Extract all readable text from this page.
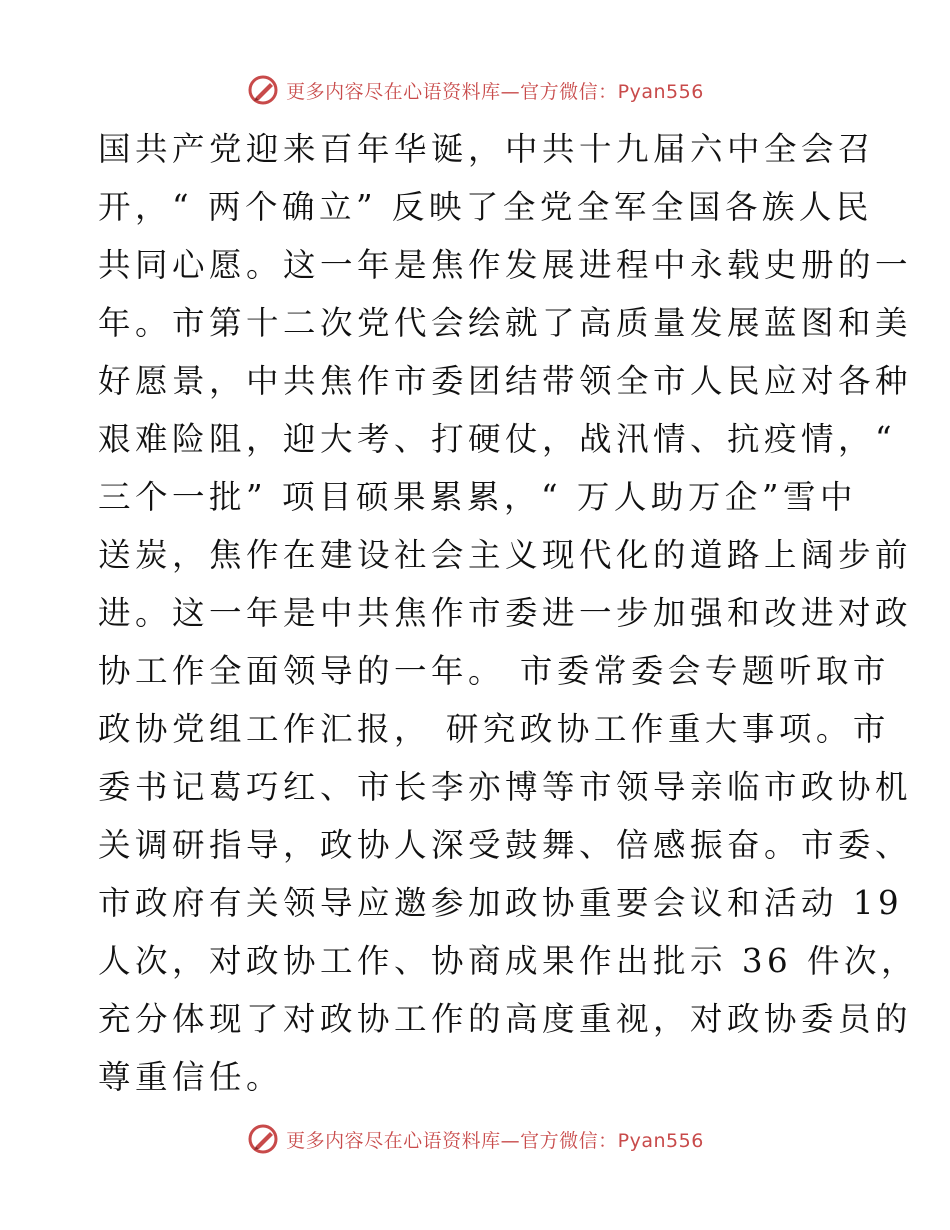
更多内容尽在心语资料库—官方微信：Pyan556
国共产党迎来百年华诞，中共十九届六中全会召
开，“ 两个确立” 反映了全党全军全国各族人民
共同心愿。这一年是焦作发展进程中永载史册的一
年。市第十二次党代会绘就了高质量发展蓝图和美
好愿景，中共焦作市委团结带领全市人民应对各种
艰难险阻，迎大考、打硬仗，战汛情、抗疫情，“
三个一批” 项目硕果累累，“ 万人助万企”雪中
送炭，焦作在建设社会主义现代化的道路上阔步前
进。这一年是中共焦作市委进一步加强和改进对政
协工作全面领导的一年。 市委常委会专题听取市
政协党组工作汇报， 研究政协工作重大事项。市
委书记葛巧红、市长李亦博等市领导亲临市政协机
关调研指导，政协人深受鼓舞、倍感振奋。市委、
市政府有关领导应邀参加政协重要会议和活动 19
人次，对政协工作、协商成果作出批示 36 件次，
充分体现了对政协工作的高度重视，对政协委员的
尊重信任。
更多内容尽在心语资料库—官方微信：Pyan556
